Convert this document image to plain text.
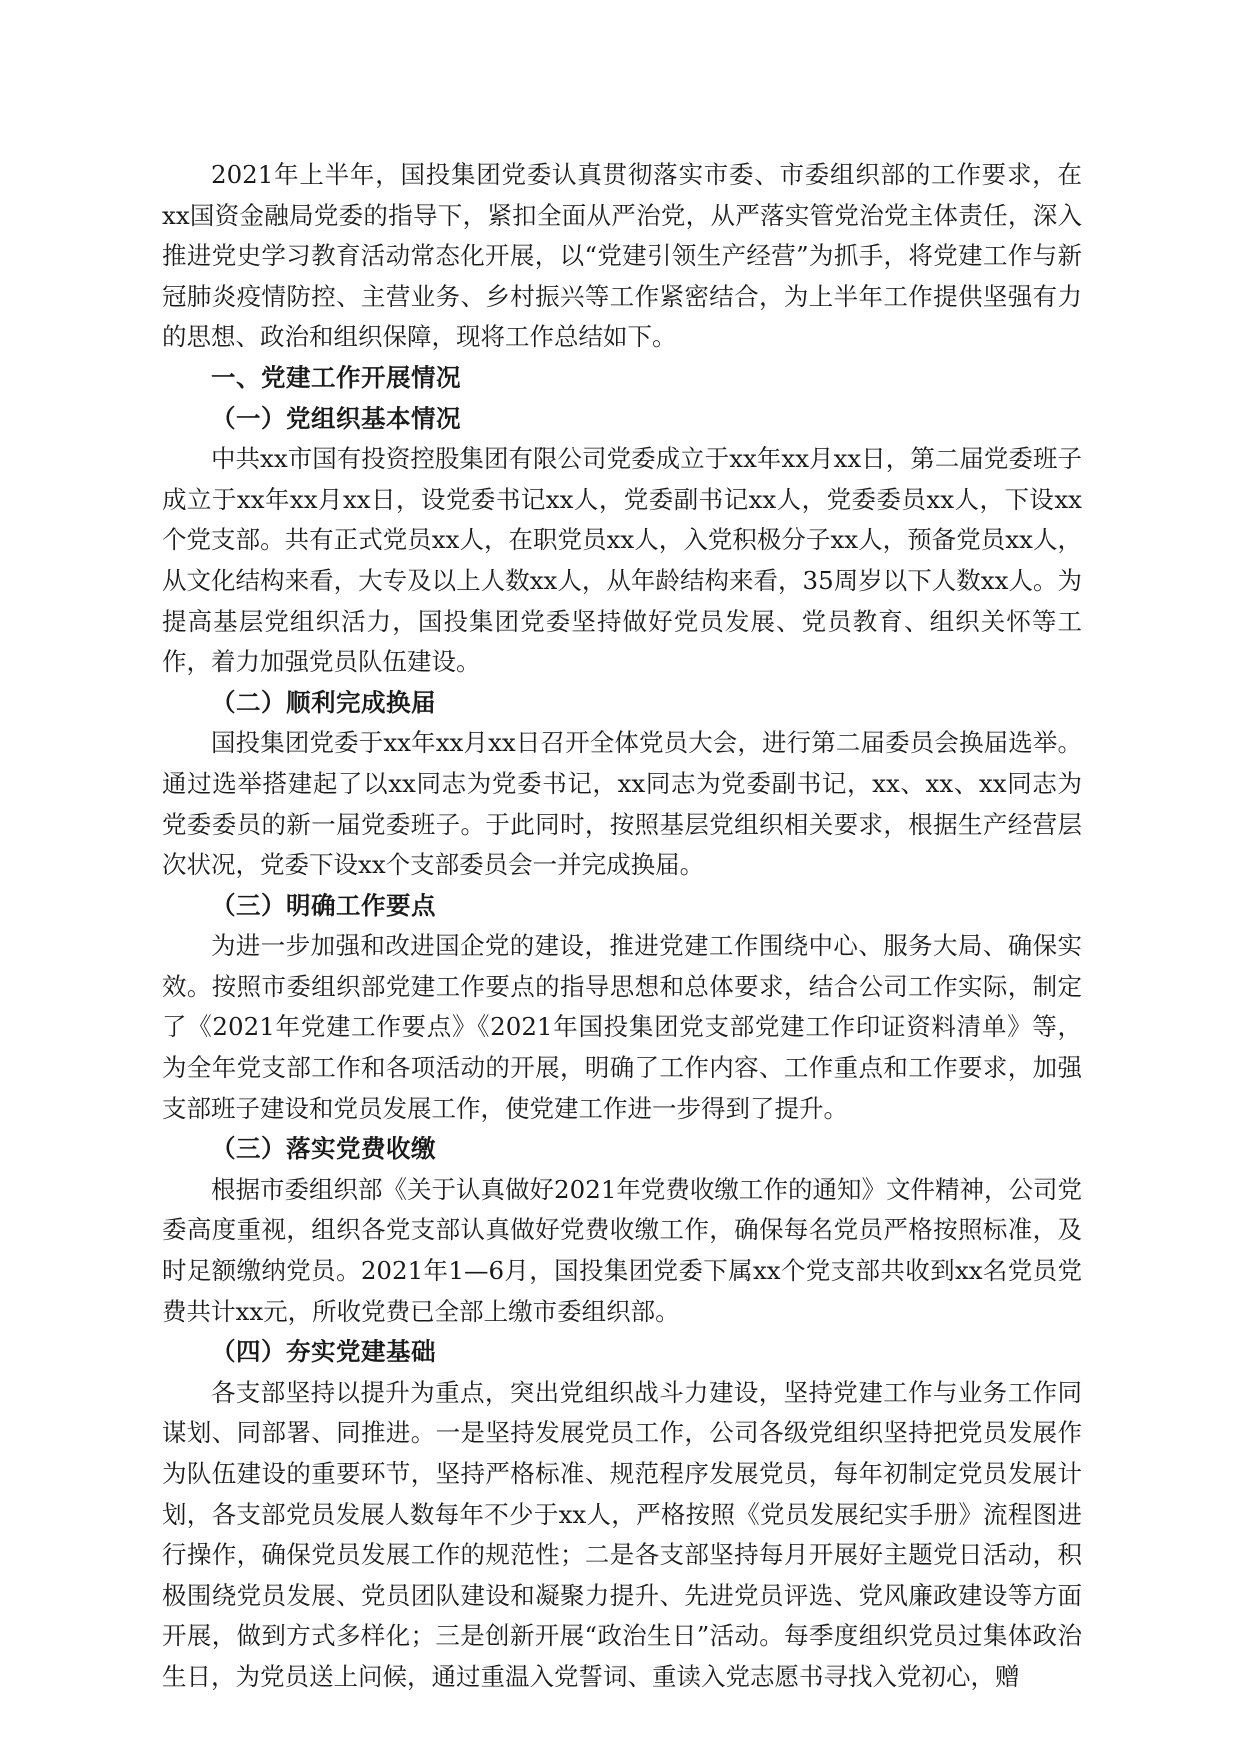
2021年上半年，国投集团党委认真贯彻落实市委、市委组织部的工作要求，在xx国资金融局党委的指导下，紧扣全面从严治党，从严落实管党治党主体责任，深入推进党史学习教育活动常态化开展，以“党建引领生产经营”为抓手，将党建工作与新冠肺炎疫情防控、主营业务、乡村振兴等工作紧密结合，为上半年工作提供坚强有力的思想、政治和组织保障，现将工作总结如下。

一、党建工作开展情况

（一）党组织基本情况

中共xx市国有投资控股集团有限公司党委成立于xx年xx月xx日，第二届党委班子成立于xx年xx月xx日，设党委书记xx人，党委副书记xx人，党委委员xx人，下设xx个党支部。共有正式党员xx人，在职党员xx人，入党积极分子xx人，预备党员xx人，从文化结构来看，大专及以上人数xx人，从年龄结构来看，35周岁以下人数xx人。为提高基层党组织活力，国投集团党委坚持做好党员发展、党员教育、组织关怀等工作，着力加强党员队伍建设。

（二）顺利完成换届

国投集团党委于xx年xx月xx日召开全体党员大会，进行第二届委员会换届选举。通过选举搭建起了以xx同志为党委书记，xx同志为党委副书记，xx、xx、xx同志为党委委员的新一届党委班子。于此同时，按照基层党组织相关要求，根据生产经营层次状况，党委下设xx个支部委员会一并完成换届。

（三）明确工作要点

为进一步加强和改进国企党的建设，推进党建工作围绕中心、服务大局、确保实效。按照市委组织部党建工作要点的指导思想和总体要求，结合公司工作实际，制定了《2021年党建工作要点》《2021年国投集团党支部党建工作印证资料清单》等，为全年党支部工作和各项活动的开展，明确了工作内容、工作重点和工作要求，加强支部班子建设和党员发展工作，使党建工作进一步得到了提升。

（三）落实党费收缴

根据市委组织部《关于认真做好2021年党费收缴工作的通知》文件精神，公司党委高度重视，组织各党支部认真做好党费收缴工作，确保每名党员严格按照标准，及时足额缴纳党员。2021年1—6月，国投集团党委下属xx个党支部共收到xx名党员党费共计xx元，所收党费已全部上缴市委组织部。

（四）夯实党建基础

各支部坚持以提升为重点，突出党组织战斗力建设，坚持党建工作与业务工作同谋划、同部署、同推进。一是坚持发展党员工作，公司各级党组织坚持把党员发展作为队伍建设的重要环节，坚持严格标准、规范程序发展党员，每年初制定党员发展计划，各支部党员发展人数每年不少于xx人，严格按照《党员发展纪实手册》流程图进行操作，确保党员发展工作的规范性；二是各支部坚持每月开展好主题党日活动，积极围绕党员发展、党员团队建设和凝聚力提升、先进党员评选、党风廉政建设等方面开展，做到方式多样化；三是创新开展“政治生日”活动。每季度组织党员过集体政治生日，为党员送上问候，通过重温入党誓词、重读入党志愿书寻找入党初心，赠
